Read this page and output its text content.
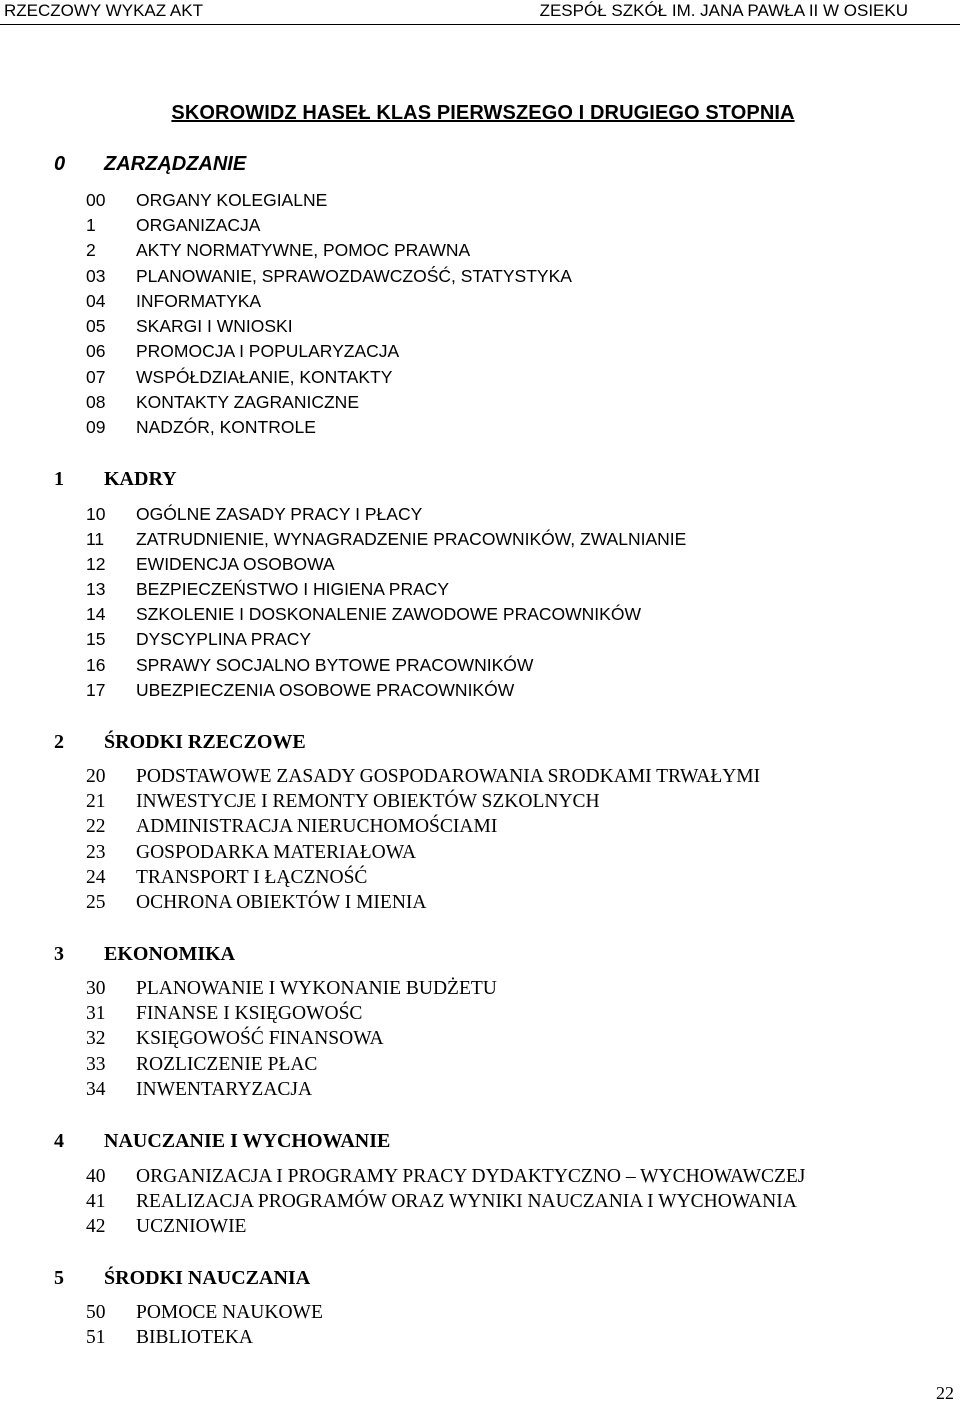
RZECZOWY WYKAZ AKT	ZESPÓŁ SZKÓŁ IM. JANA PAWŁA II W OSIEKU
SKOROWIDZ HASEŁ KLAS PIERWSZEGO I DRUGIEGO STOPNIA
0 ZARZĄDZANIE
00 ORGANY KOLEGIALNE
1 ORGANIZACJA
2 AKTY NORMATYWNE, POMOC PRAWNA
03 PLANOWANIE, SPRAWOZDAWCZOŚĆ, STATYSTYKA
04 INFORMATYKA
05 SKARGI I WNIOSKI
06 PROMOCJA I POPULARYZACJA
07 WSPÓŁDZIAŁANIE, KONTAKTY
08 KONTAKTY ZAGRANICZNE
09 NADZÓR, KONTROLE
1 KADRY
10 OGÓLNE ZASADY PRACY I PŁACY
11 ZATRUDNIENIE, WYNAGRADZENIE PRACOWNIKÓW, ZWALNIANIE
12 EWIDENCJA OSOBOWA
13 BEZPIECZEŃSTWO I HIGIENA PRACY
14 SZKOLENIE I DOSKONALENIE ZAWODOWE PRACOWNIKÓW
15 DYSCYPLINA PRACY
16 SPRAWY SOCJALNO BYTOWE PRACOWNIKÓW
17 UBEZPIECZENIA OSOBOWE PRACOWNIKÓW
2 ŚRODKI RZECZOWE
20 PODSTAWOWE ZASADY GOSPODAROWANIA SRODKAMI TRWAŁYMI
21 INWESTYCJE I REMONTY OBIEKTÓW SZKOLNYCH
22 ADMINISTRACJA NIERUCHOMOŚCIAMI
23 GOSPODARKA MATERIAŁOWA
24 TRANSPORT I ŁĄCZNOŚĆ
25 OCHRONA OBIEKTÓW I MIENIA
3 EKONOMIKA
30 PLANOWANIE I WYKONANIE BUDŻETU
31 FINANSE I KSIĘGOWOŚC
32 KSIĘGOWOŚĆ FINANSOWA
33 ROZLICZENIE PŁAC
34 INWENTARYZACJA
4 NAUCZANIE I WYCHOWANIE
40 ORGANIZACJA I PROGRAMY PRACY DYDAKTYCZNO – WYCHOWAWCZEJ
41 REALIZACJA PROGRAMÓW ORAZ WYNIKI NAUCZANIA I WYCHOWANIA
42 UCZNIOWIE
5 ŚRODKI NAUCZANIA
50 POMOCE NAUKOWE
51 BIBLIOTEKA
22
